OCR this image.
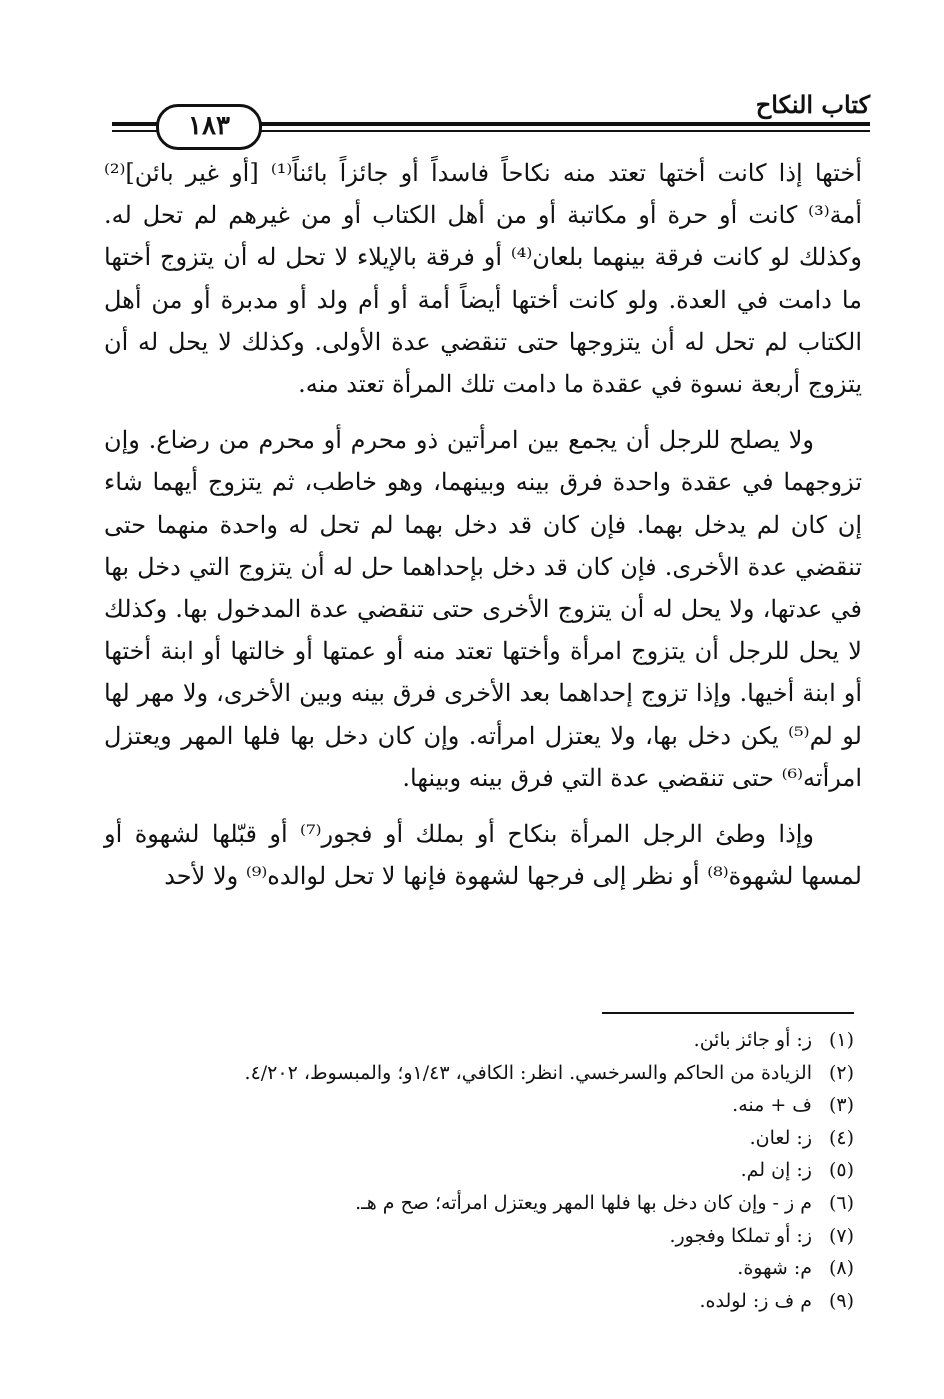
كتاب النكاح
١٨٣

أختها إذا كانت أختها تعتد منه نكاحاً فاسداً أو جائزاً بائناً⁽¹⁾ [أو غير بائن]⁽²⁾ أمة⁽³⁾ كانت أو حرة أو مكاتبة أو من أهل الكتاب أو من غيرهم لم تحل له. وكذلك لو كانت فرقة بينهما بلعان⁽⁴⁾ أو فرقة بالإيلاء لا تحل له أن يتزوج أختها ما دامت في العدة. ولو كانت أختها أيضاً أمة أو أم ولد أو مدبرة أو من أهل الكتاب لم تحل له أن يتزوجها حتى تنقضي عدة الأولى. وكذلك لا يحل له أن يتزوج أربعة نسوة في عقدة ما دامت تلك المرأة تعتد منه.

ولا يصلح للرجل أن يجمع بين امرأتين ذو محرم أو محرم من رضاع. وإن تزوجهما في عقدة واحدة فرق بينه وبينهما، وهو خاطب، ثم يتزوج أيهما شاء إن كان لم يدخل بهما. فإن كان قد دخل بهما لم تحل له واحدة منهما حتى تنقضي عدة الأخرى. فإن كان قد دخل بإحداهما حل له أن يتزوج التي دخل بها في عدتها، ولا يحل له أن يتزوج الأخرى حتى تنقضي عدة المدخول بها. وكذلك لا يحل للرجل أن يتزوج امرأة وأختها تعتد منه أو عمتها أو خالتها أو ابنة أختها أو ابنة أخيها. وإذا تزوج إحداهما بعد الأخرى فرق بينه وبين الأخرى، ولا مهر لها لو لم⁽⁵⁾ يكن دخل بها، ولا يعتزل امرأته. وإن كان دخل بها فلها المهر ويعتزل امرأته⁽⁶⁾ حتى تنقضي عدة التي فرق بينه وبينها.

وإذا وطئ الرجل المرأة بنكاح أو بملك أو فجور⁽⁷⁾ أو قبّلها لشهوة أو لمسها لشهوة⁽⁸⁾ أو نظر إلى فرجها لشهوة فإنها لا تحل لوالده⁽⁹⁾ ولا لأحد

(١)
ز: أو جائز بائن.
(٢)
الزيادة من الحاكم والسرخسي. انظر: الكافي، ١/٤٣و؛ والمبسوط، ٤/٢٠٢.
(٣)
ف + منه.
(٤)
ز: لعان.
(٥)
ز: إن لم.
(٦)
م ز - وإن كان دخل بها فلها المهر ويعتزل امرأته؛ صح م هـ.
(٧)
ز: أو تملكا وفجور.
(٨)
م: شهوة.
(٩)
م ف ز: لولده.
